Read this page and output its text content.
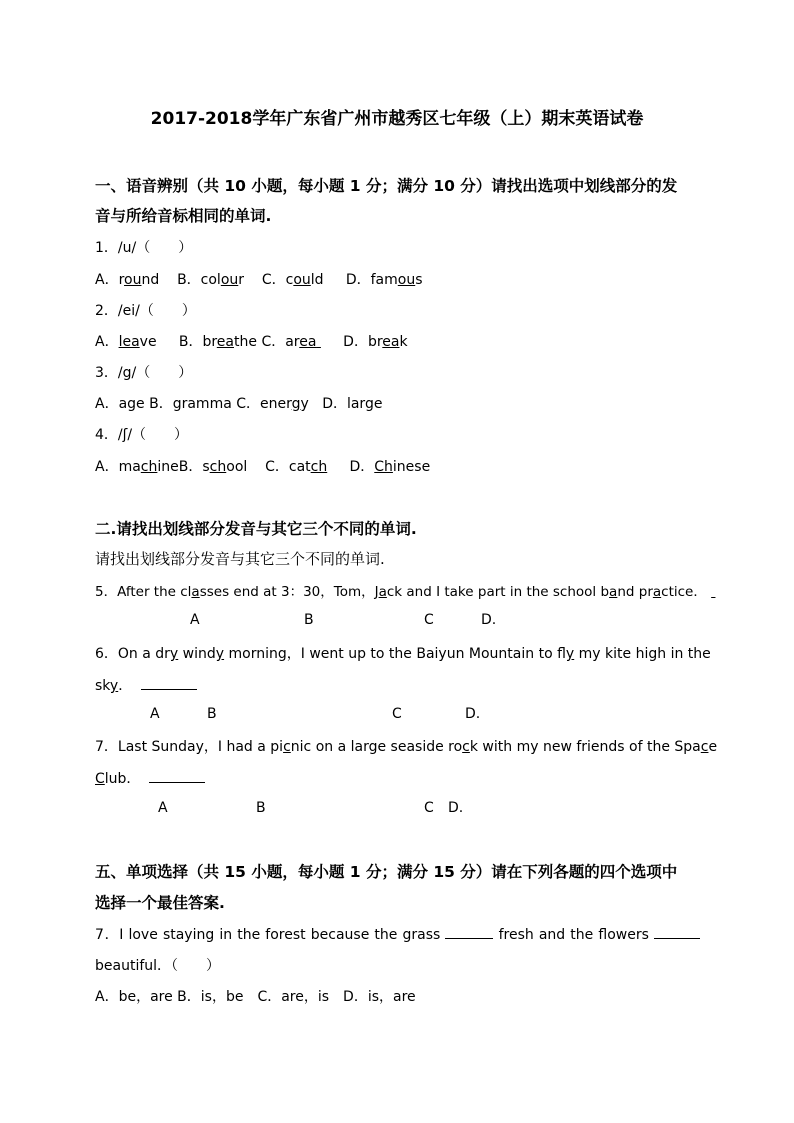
2017-2018学年广东省广州市越秀区七年级（上）期末英语试卷
一、语音辨别（共 10 小题，每小题 1 分；满分 10 分）请找出选项中划线部分的发
音与所给音标相同的单词.
1．/u/（　　）
A．round B．colour C．could D．famous
2．/ei/（　　）
A．leave B．breathe C．area D．break
3．/g/（　　）
A．age B．gramma C．energy D．large
4．/ʃ/（　　）
A．machineB．school C．catch D．Chinese
二.请找出划线部分发音与其它三个不同的单词.
请找出划线部分发音与其它三个不同的单词.
5．After the classes end at 3：30，Tom，Jack and I take part in the school band practice．
A	B	C	D.
6．On a dry windy morning，I went up to the Baiyun Mountain to fly my kite high in the
sky．
A	B	C	D.
7．Last Sunday，I had a picnic on a large seaside rock with my new friends of the Space
Club．
A	B	C D.
五、单项选择（共 15 小题，每小题 1 分；满分 15 分）请在下列各题的四个选项中
选择一个最佳答案.
7．I love staying in the forest because the grass	fresh and the flowers
beautiful．（　　）
A．be，are B．is，be　C．are，is　D．is，are
